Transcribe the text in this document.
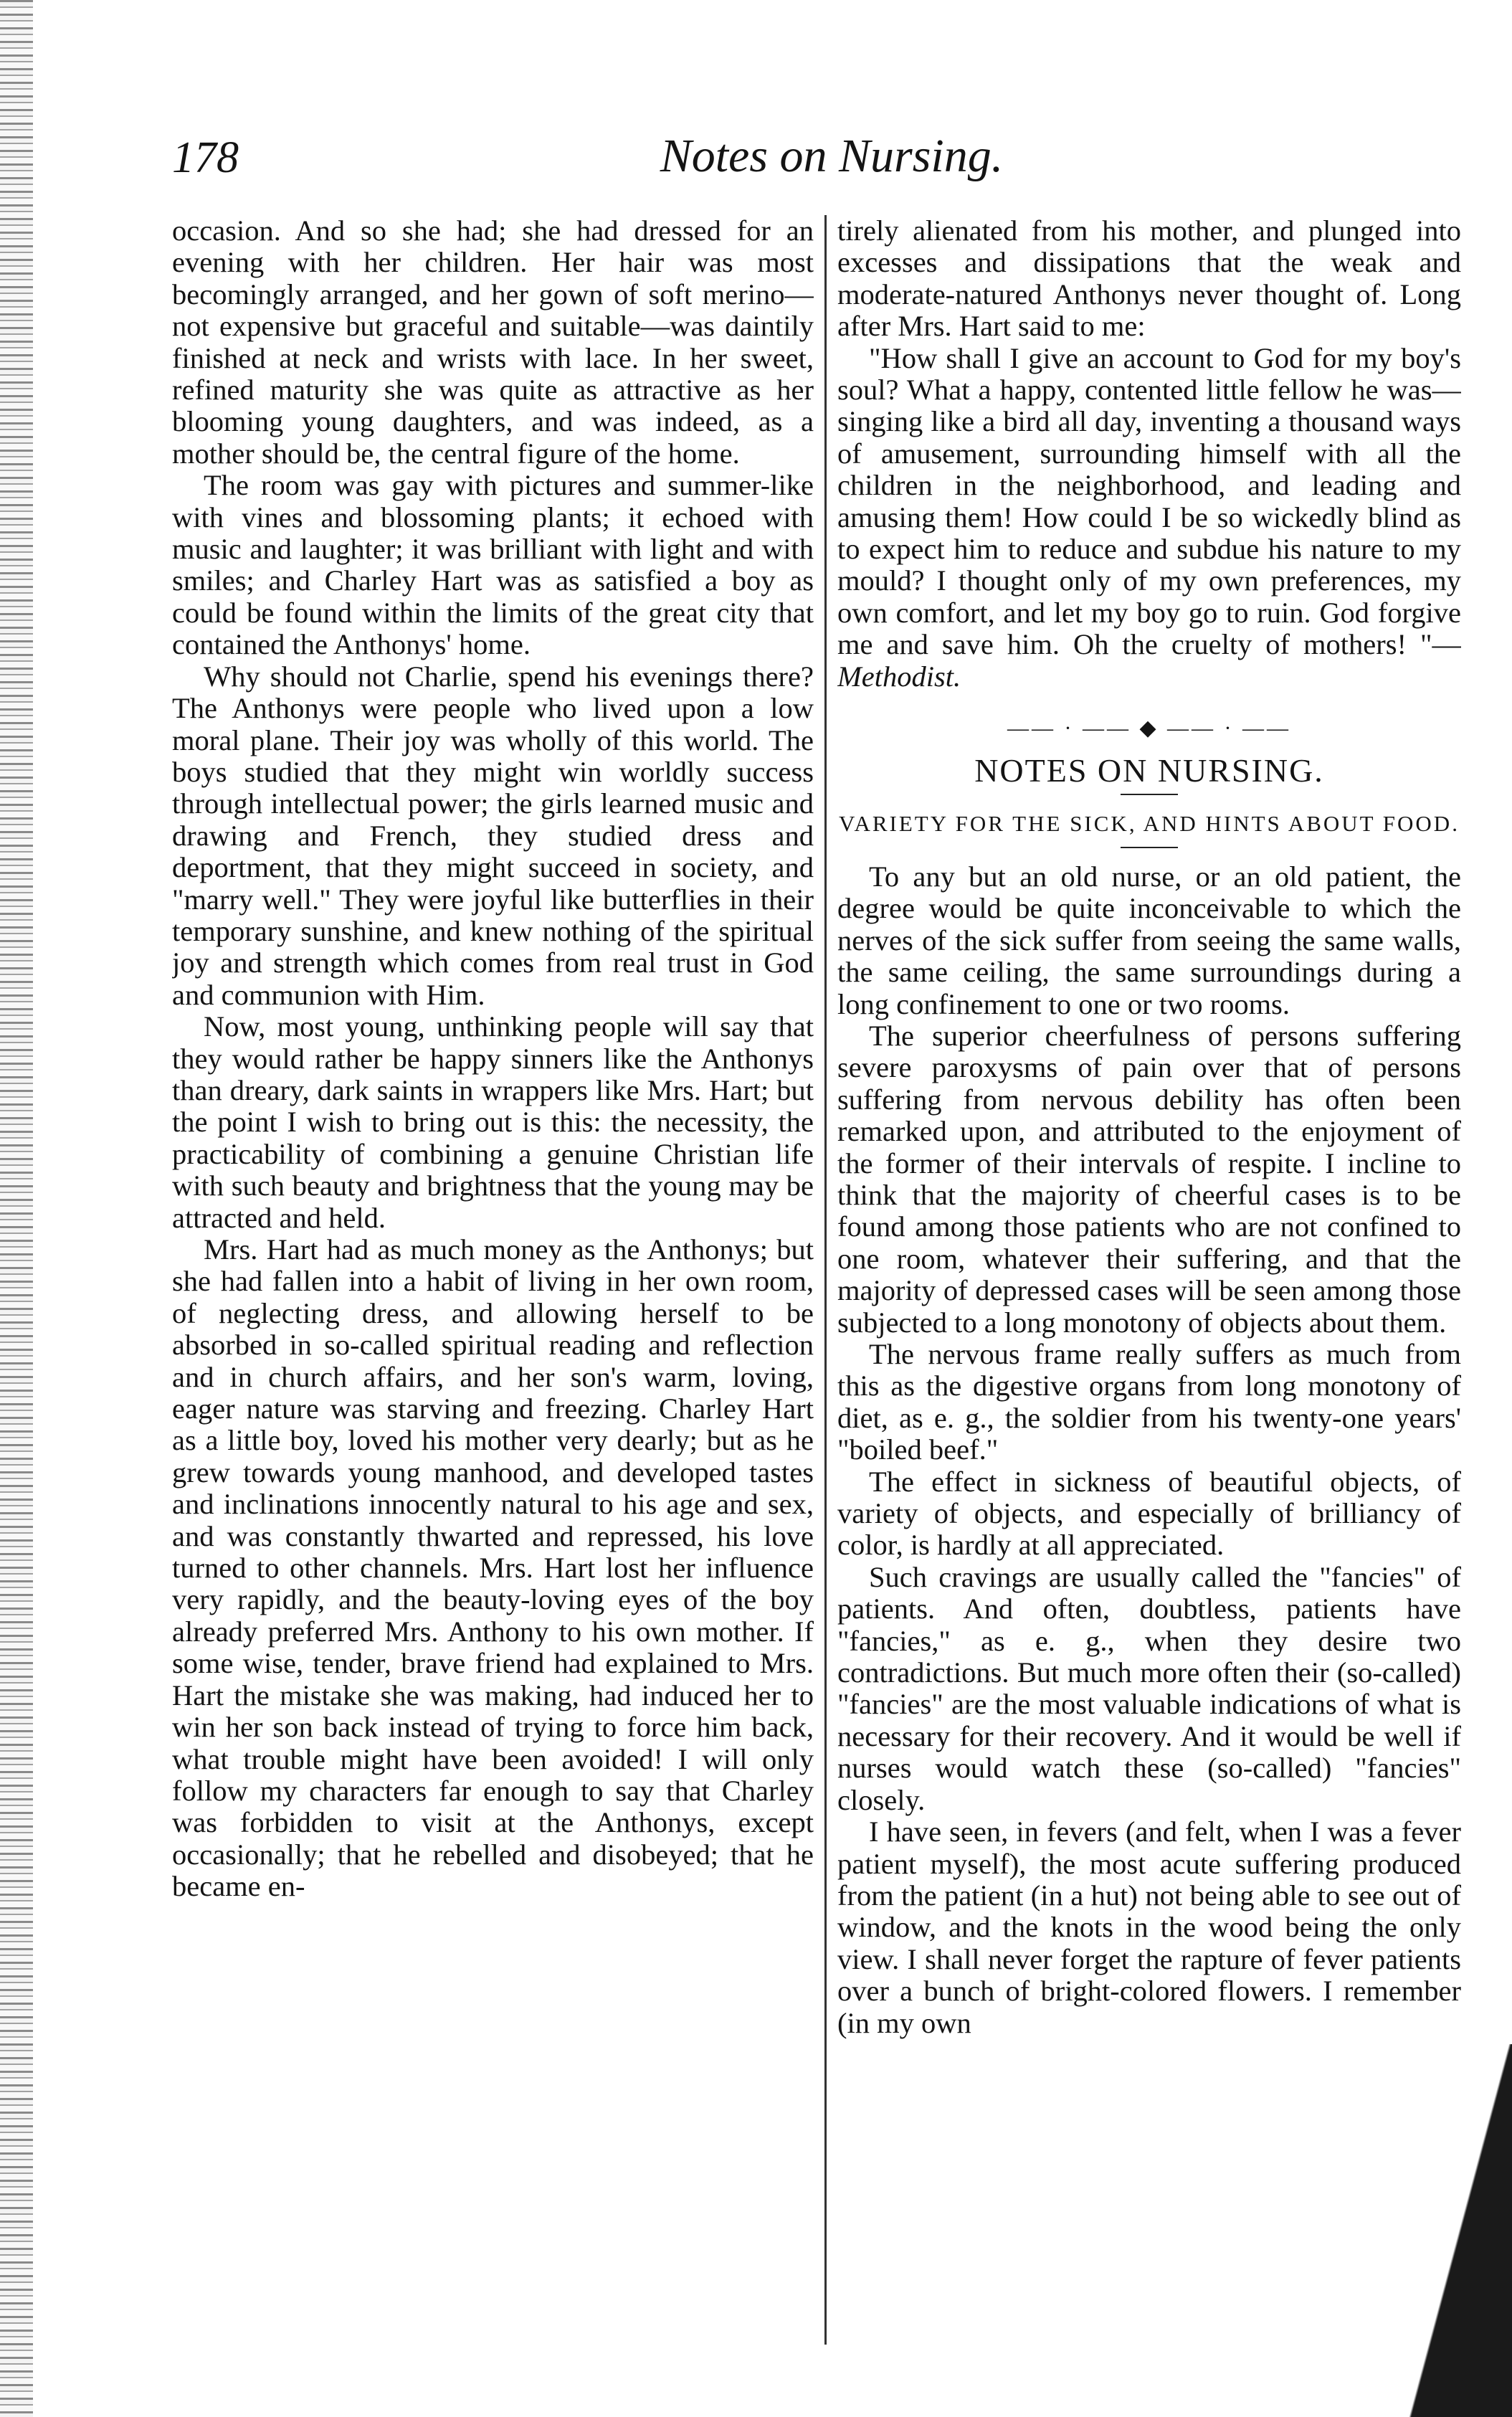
178	Notes on Nursing.

occasion. And so she had; she had dressed for an evening with her children. Her hair was most becomingly arranged, and her gown of soft merino—not expensive but graceful and suitable—was daintily finished at neck and wrists with lace. In her sweet, refined maturity she was quite as attractive as her blooming young daughters, and was indeed, as a mother should be, the central figure of the home.

The room was gay with pictures and summer-like with vines and blossoming plants; it echoed with music and laughter; it was brilliant with light and with smiles; and Charley Hart was as satisfied a boy as could be found within the limits of the great city that contained the Anthonys' home.

Why should not Charlie, spend his evenings there? The Anthonys were people who lived upon a low moral plane. Their joy was wholly of this world. The boys studied that they might win worldly success through intellectual power; the girls learned music and drawing and French, they studied dress and deportment, that they might succeed in society, and "marry well." They were joyful like butterflies in their temporary sunshine, and knew nothing of the spiritual joy and strength which comes from real trust in God and communion with Him.

Now, most young, unthinking people will say that they would rather be happy sinners like the Anthonys than dreary, dark saints in wrappers like Mrs. Hart; but the point I wish to bring out is this: the necessity, the practicability of combining a genuine Christian life with such beauty and brightness that the young may be attracted and held.

Mrs. Hart had as much money as the Anthonys; but she had fallen into a habit of living in her own room, of neglecting dress, and allowing herself to be absorbed in so-called spiritual reading and reflection and in church affairs, and her son's warm, loving, eager nature was starving and freezing. Charley Hart as a little boy, loved his mother very dearly; but as he grew towards young manhood, and developed tastes and inclinations innocently natural to his age and sex, and was constantly thwarted and repressed, his love turned to other channels. Mrs. Hart lost her influence very rapidly, and the beauty-loving eyes of the boy already preferred Mrs. Anthony to his own mother. If some wise, tender, brave friend had explained to Mrs. Hart the mistake she was making, had induced her to win her son back instead of trying to force him back, what trouble might have been avoided! I will only follow my characters far enough to say that Charley was forbidden to visit at the Anthonys, except occasionally; that he rebelled and disobeyed; that he became en-

tirely alienated from his mother, and plunged into excesses and dissipations that the weak and moderate-natured Anthonys never thought of. Long after Mrs. Hart said to me:

"How shall I give an account to God for my boy's soul? What a happy, contented little fellow he was—singing like a bird all day, inventing a thousand ways of amusement, surrounding himself with all the children in the neighborhood, and leading and amusing them! How could I be so wickedly blind as to expect him to reduce and subdue his nature to my mould? I thought only of my own preferences, my own comfort, and let my boy go to ruin. God forgive me and save him. Oh the cruelty of mothers! "—Methodist.

—— · —— ◆ —— · ——
NOTES ON NURSING.
VARIETY FOR THE SICK, AND HINTS ABOUT FOOD.

To any but an old nurse, or an old patient, the degree would be quite inconceivable to which the nerves of the sick suffer from seeing the same walls, the same ceiling, the same surroundings during a long confinement to one or two rooms.

The superior cheerfulness of persons suffering severe paroxysms of pain over that of persons suffering from nervous debility has often been remarked upon, and attributed to the enjoyment of the former of their intervals of respite. I incline to think that the majority of cheerful cases is to be found among those patients who are not confined to one room, whatever their suffering, and that the majority of depressed cases will be seen among those subjected to a long monotony of objects about them.

The nervous frame really suffers as much from this as the digestive organs from long monotony of diet, as e. g., the soldier from his twenty-one years' "boiled beef."

The effect in sickness of beautiful objects, of variety of objects, and especially of brilliancy of color, is hardly at all appreciated.

Such cravings are usually called the "fancies" of patients. And often, doubtless, patients have "fancies," as e. g., when they desire two contradictions. But much more often their (so-called) "fancies" are the most valuable indications of what is necessary for their recovery. And it would be well if nurses would watch these (so-called) "fancies" closely.

I have seen, in fevers (and felt, when I was a fever patient myself), the most acute suffering produced from the patient (in a hut) not being able to see out of window, and the knots in the wood being the only view. I shall never forget the rapture of fever patients over a bunch of bright-colored flowers. I remember (in my own
